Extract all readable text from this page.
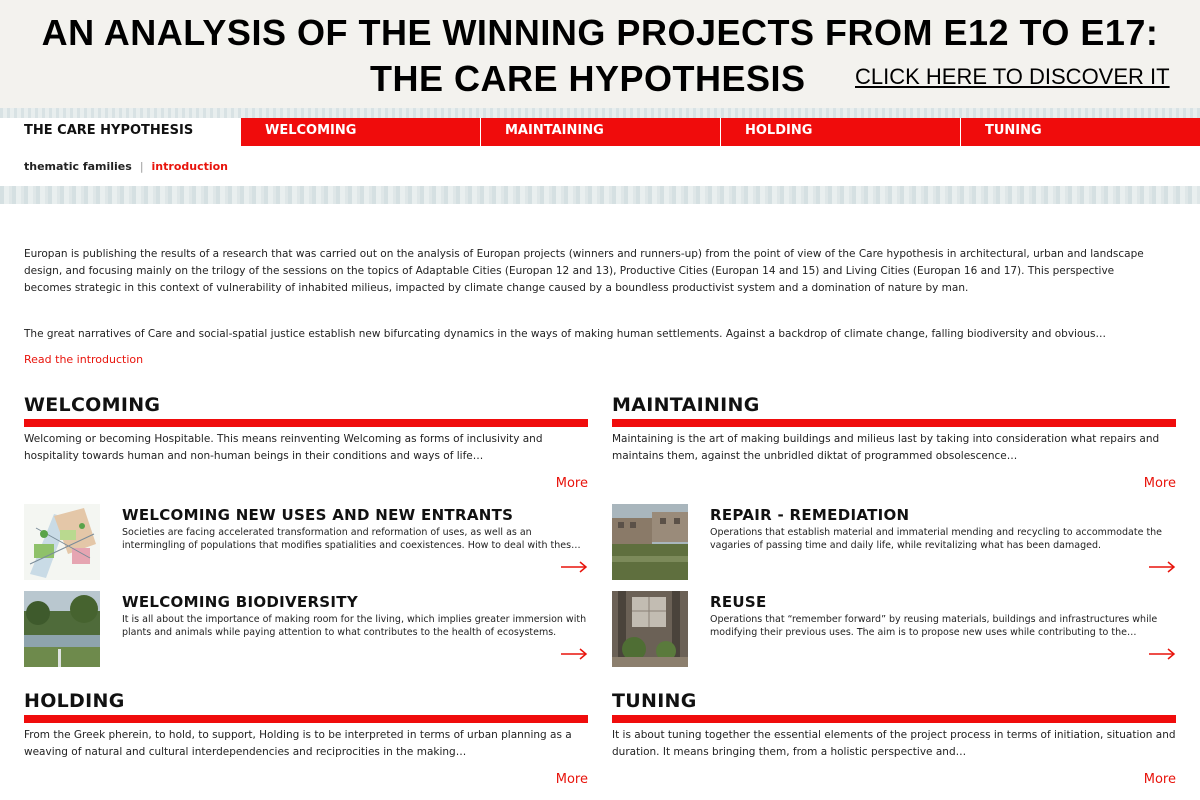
AN ANALYSIS OF THE WINNING PROJECTS FROM E12 TO E17:
THE CARE HYPOTHESIS CLICK HERE TO DISCOVER IT
THE CARE HYPOTHESIS	WELCOMING	MAINTAINING	HOLDING	TUNING
thematic families | introduction

Europan is publishing the results of a research that was carried out on the analysis of Europan projects (winners and runners-up) from the point of view of the Care hypothesis in architectural, urban and landscape design, and focusing mainly on the trilogy of the sessions on the topics of Adaptable Cities (Europan 12 and 13), Productive Cities (Europan 14 and 15) and Living Cities (Europan 16 and 17). This perspective becomes strategic in this context of vulnerability of inhabited milieus, impacted by climate change caused by a boundless productivist system and a domination of nature by man.

The great narratives of Care and social-spatial justice establish new bifurcating dynamics in the ways of making human settlements. Against a backdrop of climate change, falling biodiversity and obvious…

Read the introduction
WELCOMING
Welcoming or becoming Hospitable. This means reinventing Welcoming as forms of inclusivity and hospitality towards human and non-human beings in their conditions and ways of life…
More
MAINTAINING
Maintaining is the art of making buildings and milieus last by taking into consideration what repairs and maintains them, against the unbridled diktat of programmed obsolescence…
More
WELCOMING NEW USES AND NEW ENTRANTS
Societies are facing accelerated transformation and reformation of uses, as well as an intermingling of populations that modifies spatialities and coexistences. How to deal with thes…
WELCOMING BIODIVERSITY
It is all about the importance of making room for the living, which implies greater immersion with plants and animals while paying attention to what contributes to the health of ecosystems.
REPAIR - REMEDIATION
Operations that establish material and immaterial mending and recycling to accommodate the vagaries of passing time and daily life, while revitalizing what has been damaged.
REUSE
Operations that “remember forward” by reusing materials, buildings and infrastructures while modifying their previous uses. The aim is to propose new uses while contributing to the…
HOLDING
From the Greek pherein, to hold, to support, Holding is to be interpreted in terms of urban planning as a weaving of natural and cultural interdependencies and reciprocities in the making…
More
TUNING
It is about tuning together the essential elements of the project process in terms of initiation, situation and duration. It means bringing them, from a holistic perspective and…
More
